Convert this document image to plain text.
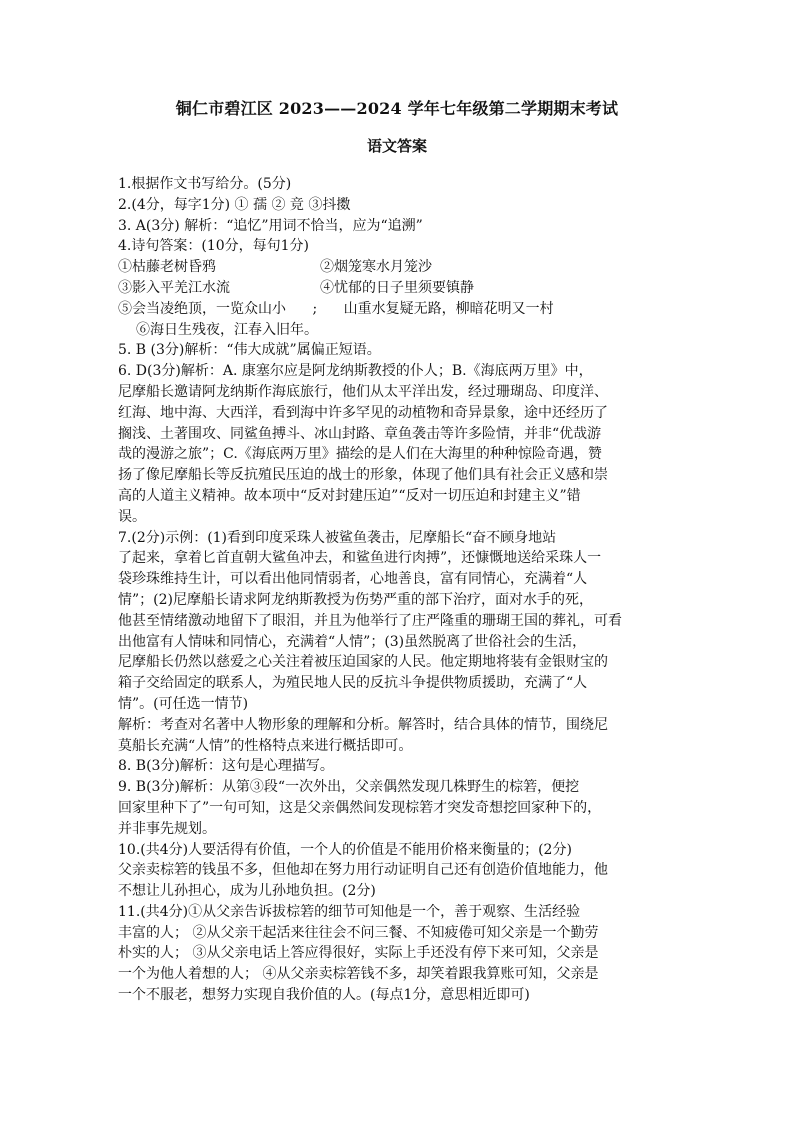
铜仁市碧江区 2023——2024 学年七年级第二学期期末考试
语文答案
1.根据作文书写给分。(5分)
2.(4分，每字1分) ① 孺 ② 竞 ③抖擞
3. A(3分) 解析：“追忆”用词不恰当，应为“追溯”
4.诗句答案：(10分，每句1分)
①枯藤老树昏鸦	②烟笼寒水月笼沙
③影入平羌江水流	④忧郁的日子里须要镇静
⑤会当凌绝顶，一览众山小 ; 山重水复疑无路，柳暗花明又一村
⑥海日生残夜，江春入旧年。
5. B (3分)解析：“伟大成就”属偏正短语。
6. D(3分)解析：A. 康塞尔应是阿龙纳斯教授的仆人；B.《海底两万里》中，
尼摩船长邀请阿龙纳斯作海底旅行，他们从太平洋出发，经过珊瑚岛、印度洋、
红海、地中海、大西洋，看到海中许多罕见的动植物和奇异景象，途中还经历了
搁浅、土著围攻、同鲨鱼搏斗、冰山封路、章鱼袭击等许多险情，并非“优哉游
哉的漫游之旅”；C.《海底两万里》描绘的是人们在大海里的种种惊险奇遇，赞
扬了像尼摩船长等反抗殖民压迫的战士的形象，体现了他们具有社会正义感和崇
高的人道主义精神。故本项中“反对封建压迫”“反对一切压迫和封建主义”错
误。
7.(2分)示例：(1)看到印度采珠人被鲨鱼袭击，尼摩船长“奋不顾身地站
了起来，拿着匕首直朝大鲨鱼冲去，和鲨鱼进行肉搏”，还慷慨地送给采珠人一
袋珍珠维持生计，可以看出他同情弱者，心地善良，富有同情心，充满着“人
情”；(2)尼摩船长请求阿龙纳斯教授为伤势严重的部下治疗，面对水手的死，
他甚至情绪激动地留下了眼泪，并且为他举行了庄严隆重的珊瑚王国的葬礼，可看
出他富有人情味和同情心，充满着“人情”；(3)虽然脱离了世俗社会的生活，
尼摩船长仍然以慈爱之心关注着被压迫国家的人民。他定期地将装有金银财宝的
箱子交给固定的联系人，为殖民地人民的反抗斗争提供物质援助，充满了“人
情”。(可任选一情节)
解析：考查对名著中人物形象的理解和分析。解答时，结合具体的情节，围绕尼
莫船长充满“人情”的性格特点来进行概括即可。
8. B(3分)解析：这句是心理描写。
9. B(3分)解析：从第③段“一次外出，父亲偶然发现几株野生的棕箬，便挖
回家里种下了”一句可知，这是父亲偶然间发现棕箬才突发奇想挖回家种下的，
并非事先规划。
10.(共4分)人要活得有价值，一个人的价值是不能用价格来衡量的；(2分)
父亲卖棕箬的钱虽不多，但他却在努力用行动证明自己还有创造价值地能力，他
不想让儿孙担心，成为儿孙地负担。(2分)
11.(共4分)①从父亲告诉拔棕箬的细节可知他是一个，善于观察、生活经验
丰富的人； ②从父亲干起活来往往会不问三餐、不知疲倦可知父亲是一个勤劳
朴实的人； ③从父亲电话上答应得很好，实际上手还没有停下来可知，父亲是
一个为他人着想的人； ④从父亲卖棕箬钱不多，却笑着跟我算账可知，父亲是
一个不服老，想努力实现自我价值的人。(每点1分，意思相近即可)
